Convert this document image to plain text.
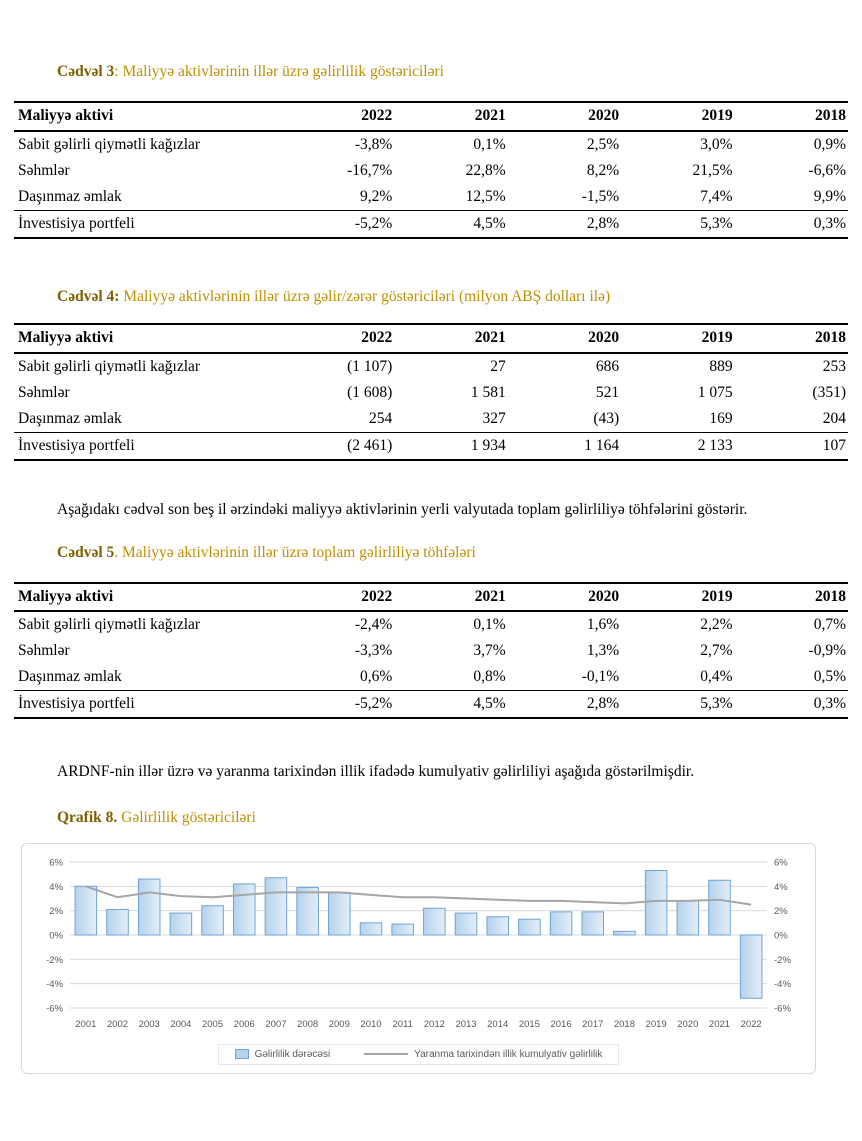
Cədvəl 3: Maliyyə aktivlərinin illər üzrə gəlirlilik göstəriciləri
Maliyyə aktivi	2022	2021	2020	2019	2018
Sabit gəlirli qiymətli kağızlar	-3,8%	0,1%	2,5%	3,0%	0,9%
Səhmlər	-16,7%	22,8%	8,2%	21,5%	-6,6%
Daşınmaz əmlak	9,2%	12,5%	-1,5%	7,4%	9,9%
İnvestisiya portfeli	-5,2%	4,5%	2,8%	5,3%	0,3%
Cədvəl 4: Maliyyə aktivlərinin illər üzrə gəlir/zərər göstəriciləri (milyon ABŞ dolları ilə)
Maliyyə aktivi	2022	2021	2020	2019	2018
Sabit gəlirli qiymətli kağızlar	(1 107)	27	686	889	253
Səhmlər	(1 608)	1 581	521	1 075	(351)
Daşınmaz əmlak	254	327	(43)	169	204
İnvestisiya portfeli	(2 461)	1 934	1 164	2 133	107

Aşağıdakı cədvəl son beş il ərzindəki maliyyə aktivlərinin yerli valyutada toplam gəlirliliyə töhfələrini göstərir.

Cədvəl 5. Maliyyə aktivlərinin illər üzrə toplam gəlirliliyə töhfələri
Maliyyə aktivi	2022	2021	2020	2019	2018
Sabit gəlirli qiymətli kağızlar	-2,4%	0,1%	1,6%	2,2%	0,7%
Səhmlər	-3,3%	3,7%	1,3%	2,7%	-0,9%
Daşınmaz əmlak	0,6%	0,8%	-0,1%	0,4%	0,5%
İnvestisiya portfeli	-5,2%	4,5%	2,8%	5,3%	0,3%

ARDNF-nin illər üzrə və yaranma tarixindən illik ifadədə kumulyativ gəlirliliyi aşağıda göstərilmişdir.

Qrafik 8. Gəlirlilik göstəriciləri
-6%	-6%
-4%	-4%
-2%	-2%
0%	0%
2%	2%
4%	4%
6%	6%
2001 2002 2003 2004 2005 2006 2007 2008 2009 2010 2011 2012 2013 2014 2015 2016 2017 2018 2019 2020 2021 2022
Gəlirlilik dərəcəsi	Yaranma tarixindən illik kumulyativ gəlirlilik
